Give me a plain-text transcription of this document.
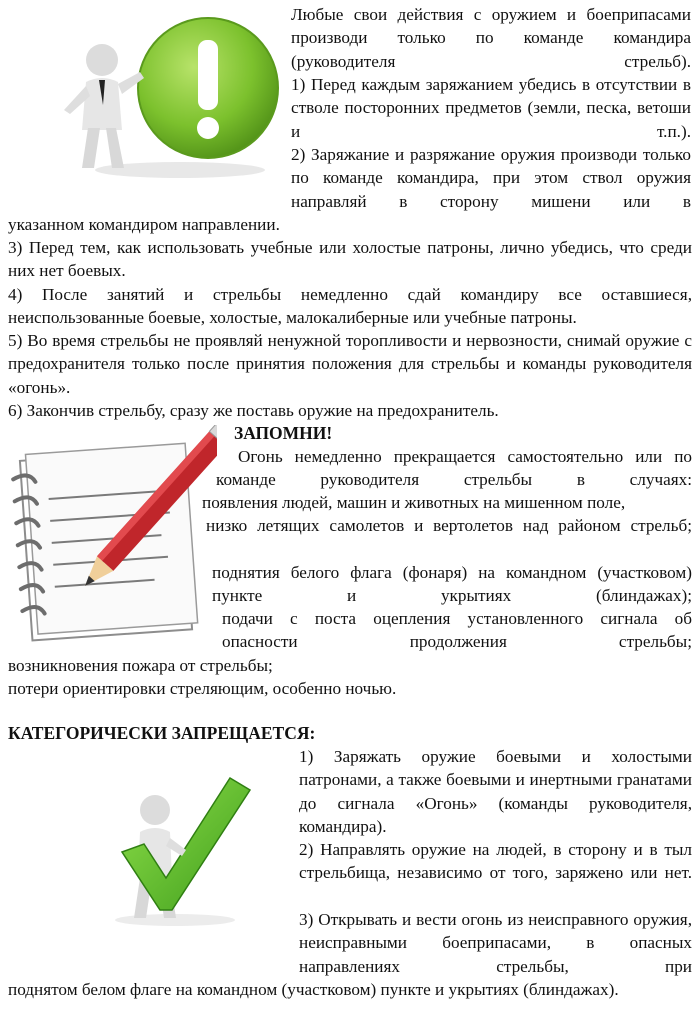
Любые свои действия с оружием и боеприпасами производи только по команде командира (руководителя стрельб).

1) Перед каждым заряжанием убедись в отсутствии в стволе посторонних предметов (земли, песка, ветоши и т.п.).

2) Заряжание и разряжание оружия производи только по команде командира, при этом ствол оружия направляй в сторону мишени или в

указанном командиром направлении.

3) Перед тем, как использовать учебные или холостые патроны, лично убедись, что среди них нет боевых.

4) После занятий и стрельбы немедленно сдай командиру все оставшиеся, неиспользованные боевые, холостые, малокалиберные или учебные патроны.

5) Во время стрельбы не проявляй ненужной торопливости и нервозности, снимай оружие с предохранителя только после принятия положения для стрельбы и команды руководителя «огонь».

6) Закончив стрельбу, сразу же поставь оружие на предохранитель.

ЗАПОМНИ!

Огонь немедленно прекращается самостоятельно или по команде руководителя стрельбы в случаях:

появления людей, машин и животных на мишенном поле,

низко летящих самолетов и вертолетов над районом стрельб;

поднятия белого флага (фонаря) на командном (участковом) пункте и укрытиях (блиндажах);

подачи с поста оцепления установленного сигнала об опасности продолжения стрельбы;

возникновения пожара от стрельбы;

потери ориентировки стреляющим, особенно ночью.

КАТЕГОРИЧЕСКИ ЗАПРЕЩАЕТСЯ:

1) Заряжать оружие боевыми и холостыми патронами, а также боевыми и инертными гранатами до сигнала «Огонь» (команды руководителя, командира).

2) Направлять оружие на людей, в сторону и в тыл стрельбища, независимо от того, заряжено или нет.

3) Открывать и вести огонь из неисправного оружия, неисправными боеприпасами, в опасных направлениях стрельбы, при

поднятом белом флаге на командном (участковом) пункте и укрытиях (блиндажах).
